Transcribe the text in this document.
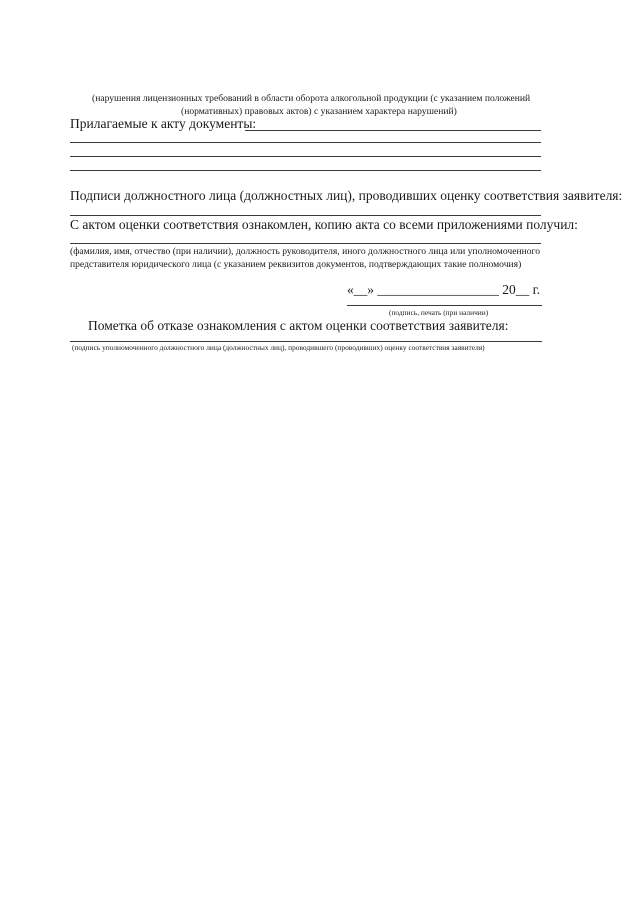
(нарушения лицензионных требований в области оборота алкогольной продукции (с указанием положений
(нормативных) правовых актов) с указанием характера нарушений)
Прилагаемые к акту документы:
Подписи должностного лица (должностных лиц), проводивших оценку соответствия заявителя:
С актом оценки соответствия ознакомлен, копию акта со всеми приложениями получил:
(фамилия, имя, отчество (при наличии), должность руководителя, иного должностного лица или уполномоченного
представителя юридического лица (с указанием реквизитов документов, подтверждающих такие полномочия)
«__» __________________ 20__ г.
(подпись, печать (при наличии)
Пометка об отказе ознакомления с актом оценки соответствия заявителя:
(подпись уполномоченного должностного лица (должностных лиц), проводившего (проводивших) оценку соответствия заявителя)
